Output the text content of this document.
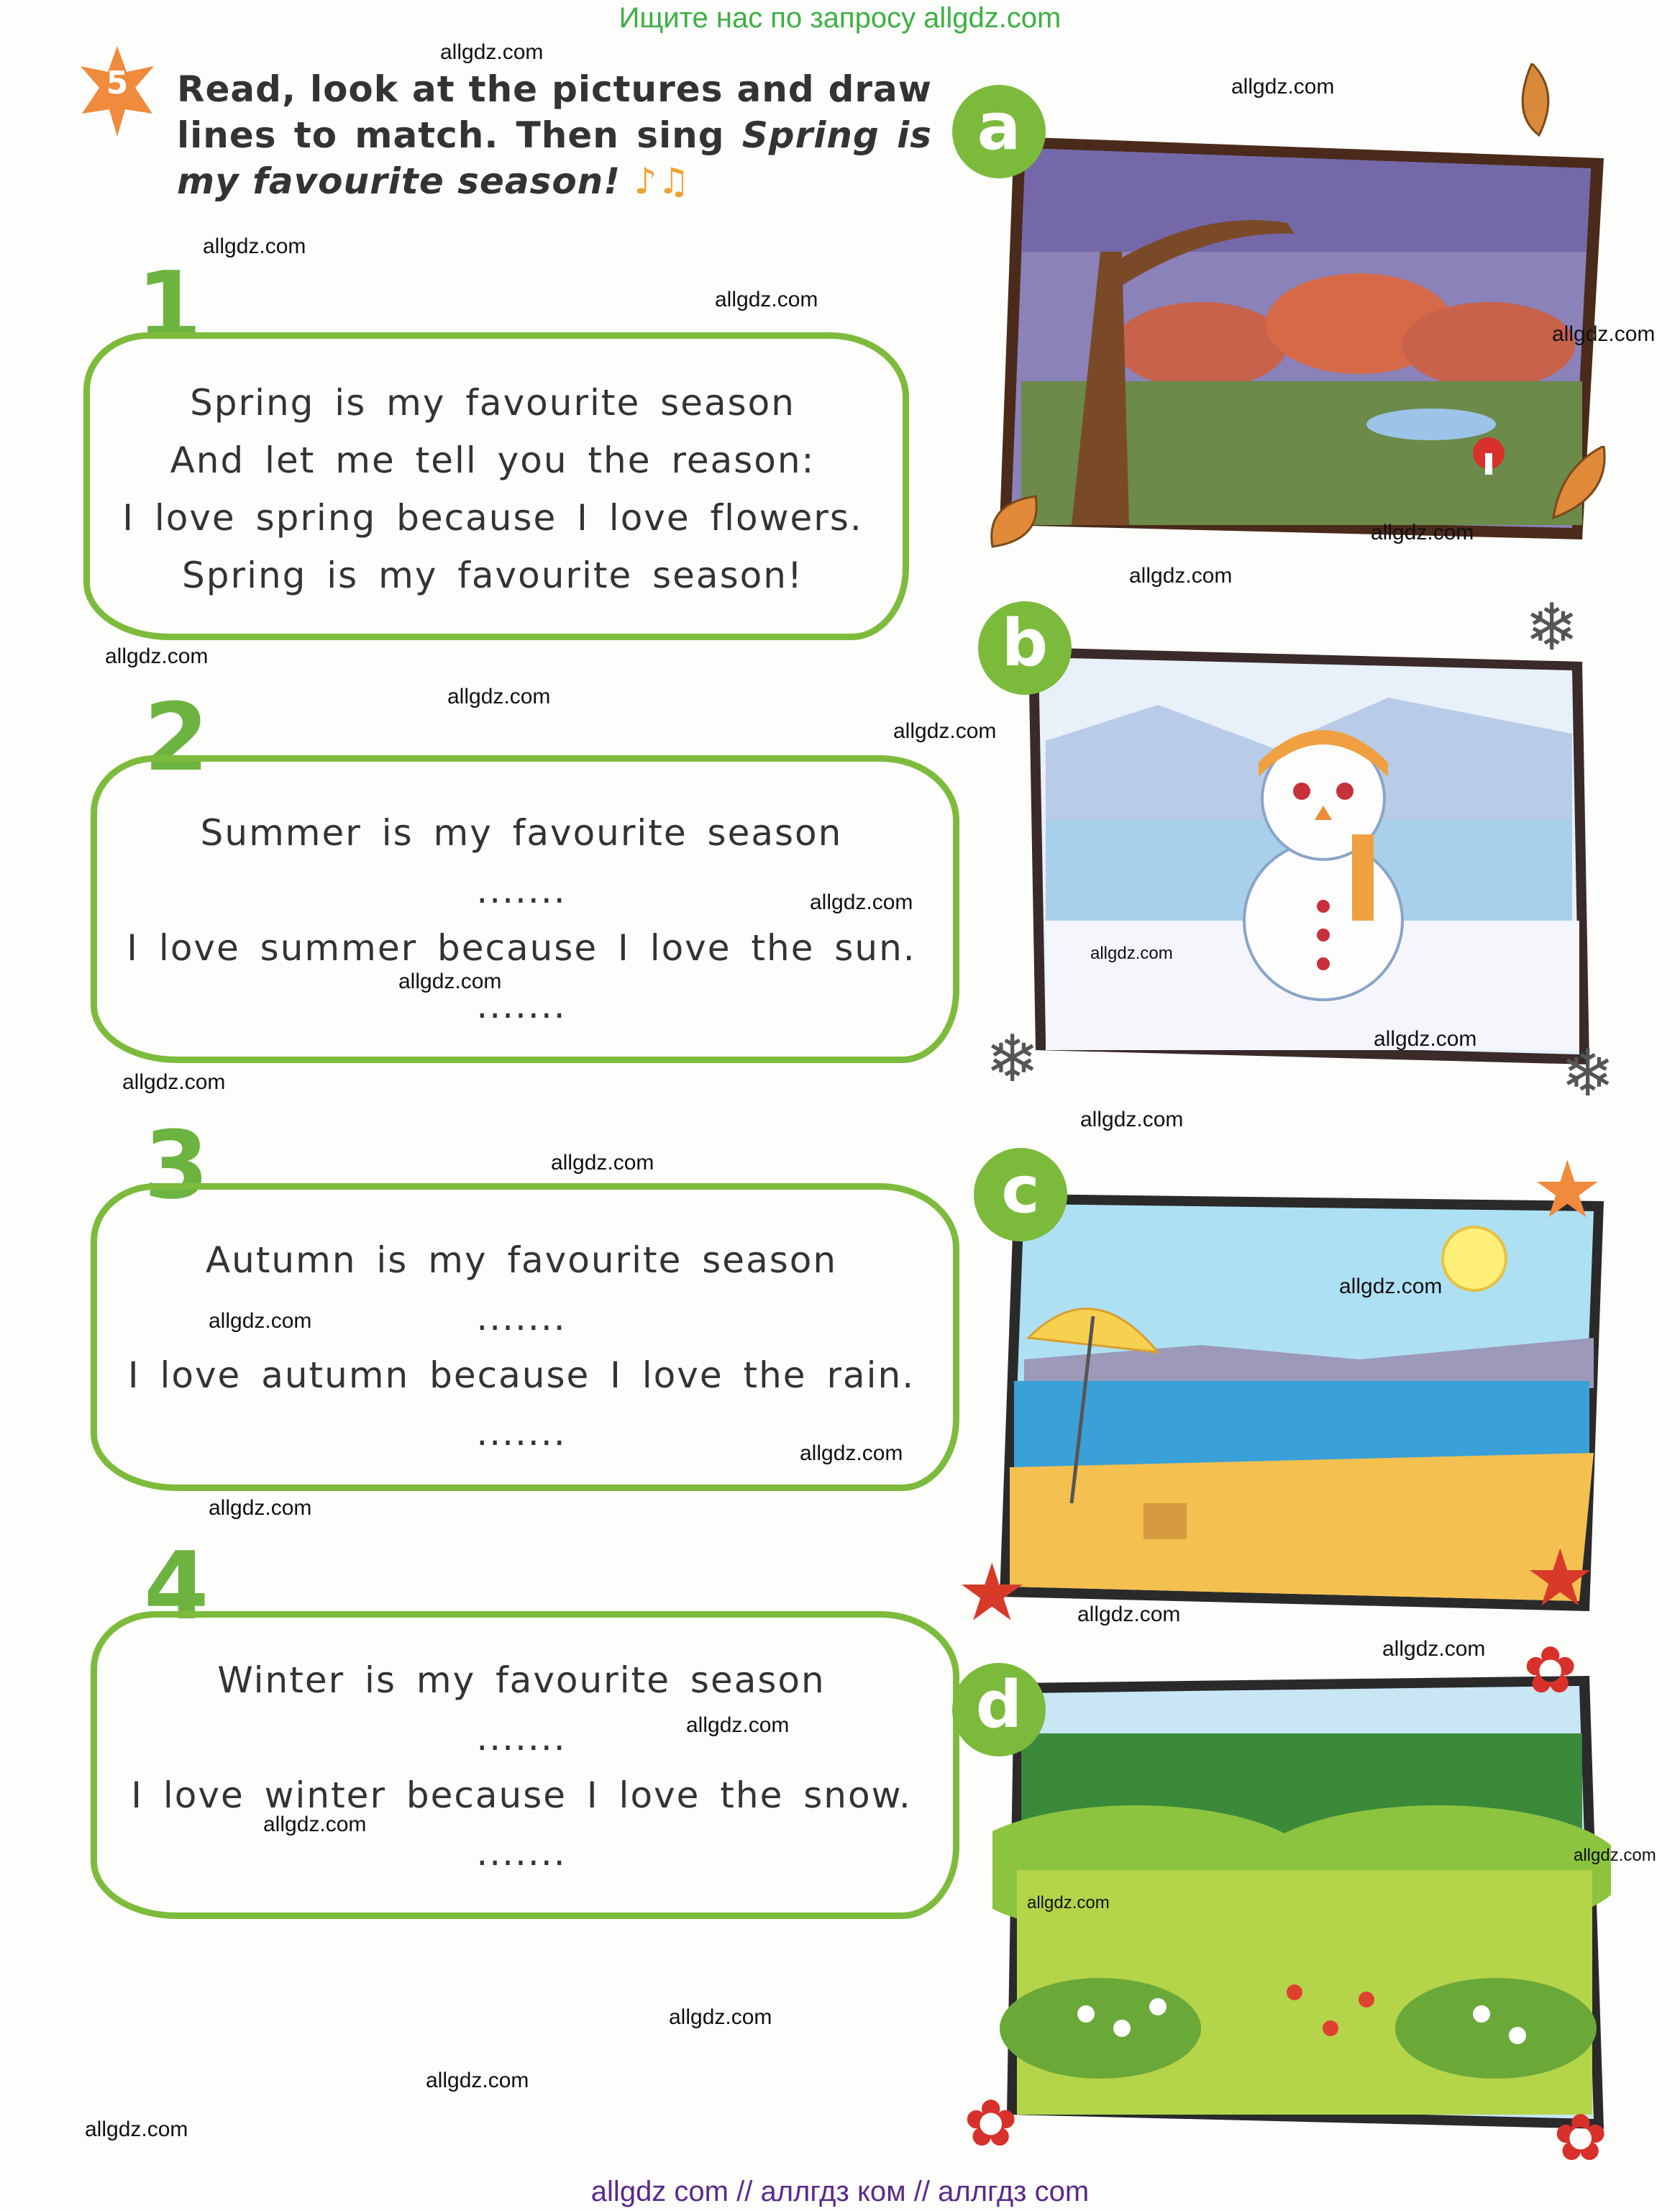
Ищите нас по запросу allgdz.com
5	Read, look at the pictures and draw lines to match. Then sing Spring is my favourite season! ♪♫
1
Spring is my favourite season
And let me tell you the reason:
I love spring because I love flowers.
Spring is my favourite season!
2
Summer is my favourite season
.......
I love summer because I love the sun.
.......
3
Autumn is my favourite season
.......
I love autumn because I love the rain.
.......
4
Winter is my favourite season
.......
I love winter because I love the snow.
.......
a
b	❄
❄	❄
c	★
★	★
d	✿
✿	✿
allgdz.com
allgdz.com
allgdz.com
allgdz.com
allgdz.com
allgdz.com
allgdz.com
allgdz.com
allgdz.com
allgdz.com
allgdz.com
allgdz.com
allgdz.com
allgdz.com
allgdz.com
allgdz.com
allgdz.com
allgdz.com
allgdz.com
allgdz.com
allgdz.com
allgdz.com
allgdz.com
allgdz.com
allgdz.com
allgdz.com
allgdz.com
allgdz.com
allgdz.com
allgdz.com
allgdz com // аллгдз ком // аллгдз com
